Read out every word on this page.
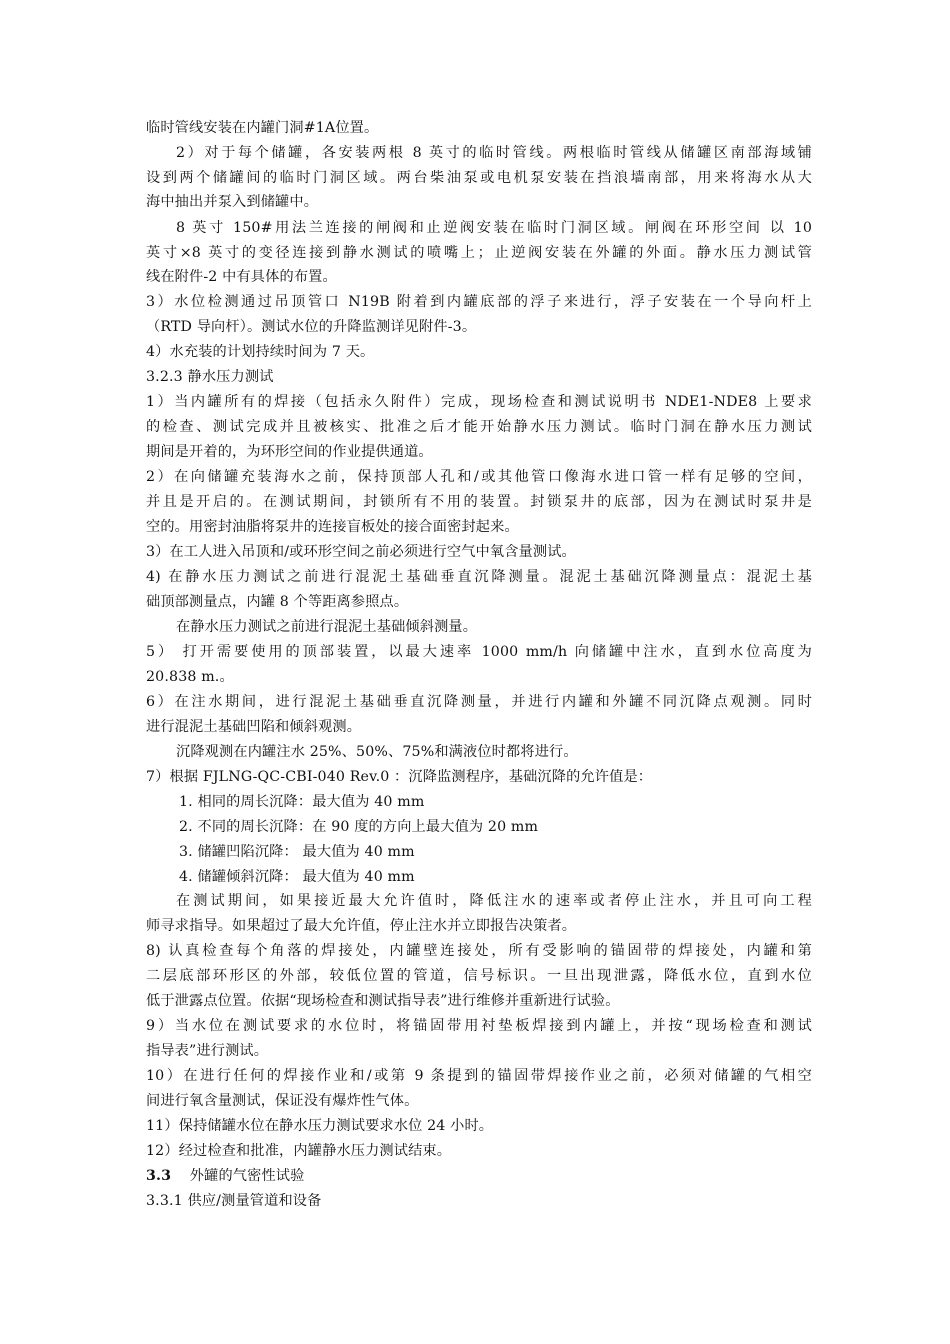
临时管线安装在内罐门洞#1A位置。
2）对于每个储罐，各安装两根 8 英寸的临时管线。两根临时管线从储罐区南部海域铺
设到两个储罐间的临时门洞区域。两台柴油泵或电机泵安装在挡浪墙南部，用来将海水从大
海中抽出并泵入到储罐中。
8 英寸 150#用法兰连接的闸阀和止逆阀安装在临时门洞区域。闸阀在环形空间 以 10
英寸×8 英寸的变径连接到静水测试的喷嘴上；止逆阀安装在外罐的外面。静水压力测试管
线在附件-2 中有具体的布置。
3）水位检测通过吊顶管口 N19B 附着到内罐底部的浮子来进行，浮子安装在一个导向杆上
（RTD 导向杆）。测试水位的升降监测详见附件-3。
4）水充装的计划持续时间为 7 天。
3.2.3 静水压力测试
1）当内罐所有的焊接（包括永久附件）完成，现场检查和测试说明书 NDE1-NDE8 上要求
的检查、测试完成并且被核实、批准之后才能开始静水压力测试。临时门洞在静水压力测试
期间是开着的，为环形空间的作业提供通道。
2）在向储罐充装海水之前，保持顶部人孔和/或其他管口像海水进口管一样有足够的空间，
并且是开启的。在测试期间，封锁所有不用的装置。封锁泵井的底部，因为在测试时泵井是
空的。用密封油脂将泵井的连接盲板处的接合面密封起来。
3）在工人进入吊顶和/或环形空间之前必须进行空气中氧含量测试。
4) 在静水压力测试之前进行混泥土基础垂直沉降测量。混泥土基础沉降测量点：混泥土基
础顶部测量点，内罐 8 个等距离参照点。
在静水压力测试之前进行混泥土基础倾斜测量。
5） 打开需要使用的顶部装置，以最大速率 1000 mm/h 向储罐中注水，直到水位高度为
20.838 m.。
6）在注水期间，进行混泥土基础垂直沉降测量，并进行内罐和外罐不同沉降点观测。同时
进行混泥土基础凹陷和倾斜观测。
沉降观测在内罐注水 25%、50%、75%和满液位时都将进行。
7）根据 FJLNG-QC-CBI-040 Rev.0 ：沉降监测程序，基础沉降的允许值是：
1. 相同的周长沉降：最大值为 40 mm
2. 不同的周长沉降：在 90 度的方向上最大值为 20 mm
3. 储罐凹陷沉降： 最大值为 40 mm
4. 储罐倾斜沉降： 最大值为 40 mm
在测试期间，如果接近最大允许值时，降低注水的速率或者停止注水，并且可向工程
师寻求指导。如果超过了最大允许值，停止注水并立即报告决策者。
8) 认真检查每个角落的焊接处，内罐壁连接处，所有受影响的锚固带的焊接处，内罐和第
二层底部环形区的外部，较低位置的管道，信号标识。一旦出现泄露，降低水位，直到水位
低于泄露点位置。依据“现场检查和测试指导表”进行维修并重新进行试验。
9）当水位在测试要求的水位时，将锚固带用衬垫板焊接到内罐上，并按“现场检查和测试
指导表”进行测试。
10）在进行任何的焊接作业和/或第 9 条提到的锚固带焊接作业之前，必须对储罐的气相空
间进行氧含量测试，保证没有爆炸性气体。
11）保持储罐水位在静水压力测试要求水位 24 小时。
12）经过检查和批准，内罐静水压力测试结束。
3.3 外罐的气密性试验
3.3.1 供应/测量管道和设备
